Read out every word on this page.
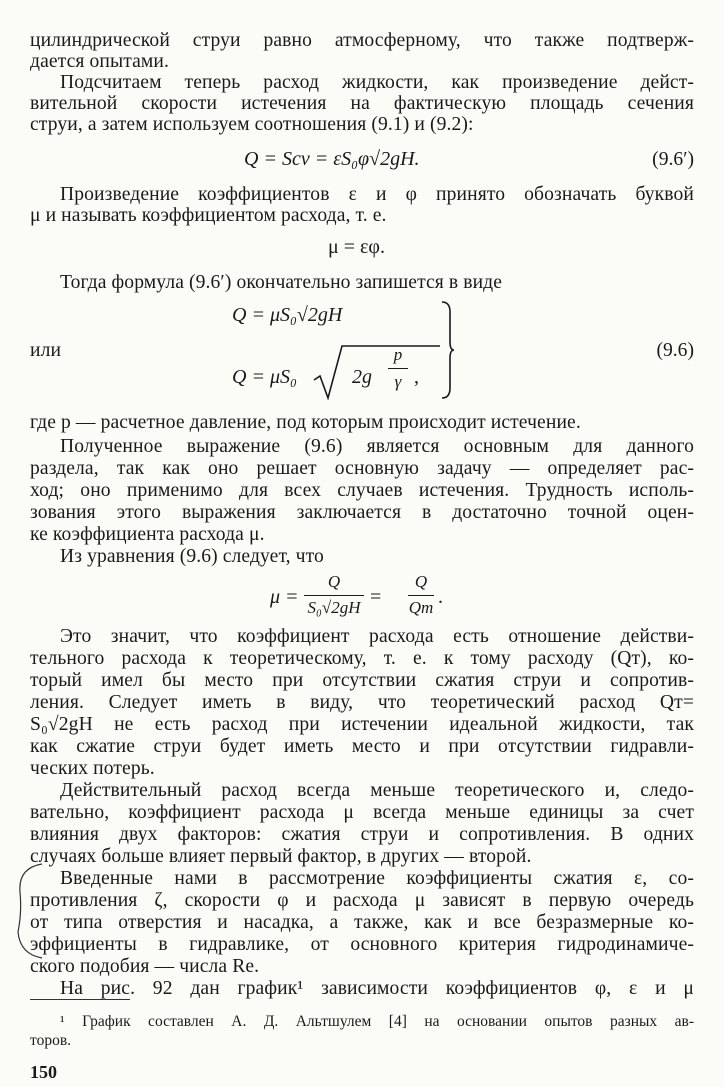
цилиндрической струи равно атмосферному, что также подтверж-
дается опытами.
Подсчитаем теперь расход жидкости, как произведение дейст-
вительной скорости истечения на фактическую площадь сечения
струи, а затем используем соотношения (9.1) и (9.2):
Q = Scv = εS₀φ√2gH.	(9.6′)
Произведение коэффициентов ε и φ принято обозначать буквой
μ и называть коэффициентом расхода, т. е.
μ = εφ.
Тогда формула (9.6′) окончательно запишется в виде
Q = μS₀√2gH
или
Q = μS₀	2g
p
γ ,
(9.6)
где p — расчетное давление, под которым происходит истечение.
Полученное выражение (9.6) является основным для данного
раздела, так как оно решает основную задачу — определяет рас-
ход; оно применимо для всех случаев истечения. Трудность исполь-
зования этого выражения заключается в достаточно точной оцен-
ке коэффициента расхода μ.
Из уравнения (9.6) следует, что
μ =
Q
S₀√2gH =
Q
Qт .
Это значит, что коэффициент расхода есть отношение действи-
тельного расхода к теоретическому, т. е. к тому расходу (Qт), ко-
торый имел бы место при отсутствии сжатия струи и сопротив-
ления. Следует иметь в виду, что теоретический расход Qт=
S₀√2gH не есть расход при истечении идеальной жидкости, так
как сжатие струи будет иметь место и при отсутствии гидравли-
ческих потерь.
Действительный расход всегда меньше теоретического и, следо-
вательно, коэффициент расхода μ всегда меньше единицы за счет
влияния двух факторов: сжатия струи и сопротивления. В одних
случаях больше влияет первый фактор, в других — второй.
Введенные нами в рассмотрение коэффициенты сжатия ε, со-
противления ζ, скорости φ и расхода μ зависят в первую очередь
от типа отверстия и насадка, а также, как и все безразмерные ко-
эффициенты в гидравлике, от основного критерия гидродинамиче-
ского подобия — числа Re.
На рис. 92 дан график¹ зависимости коэффициентов φ, ε и μ
¹ График составлен А. Д. Альтшулем [4] на основании опытов разных ав-
торов.
150
